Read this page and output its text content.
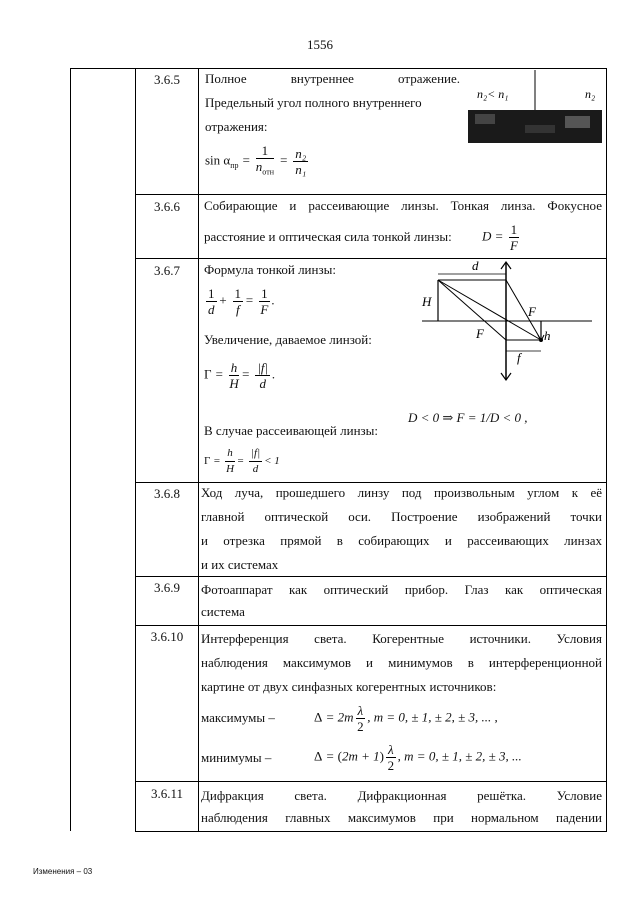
1556
3.6.5	Полное внутреннее отражение.
Предельный угол полного внутреннего
отражения:
$\sin \alpha_{пр} = \frac{1}{n_{отн}} = \frac{\text{n₂}}{\text{n₁}}$
n₂< n₁	n₂
3.6.6	Собирающие и рассеивающие линзы. Тонкая линза. Фокусное
расстояние и оптическая сила тонкой линзы:	$D = \frac{1}{F}$
3.6.7	Формула тонкой линзы:
$\frac{1}{d} + \frac{1}{f} = \frac{1}{F}$ .
Увеличение, даваемое линзой:
$\Gamma = \frac{h}{H} = \frac{|f|}{d}$ .
D < 0 ⇒ F = 1/D < 0 ,
В случае рассеивающей линзы:
$\Gamma = \frac{h}{H} = \frac{|f|}{d} < 1$
d
H
F
F
h
f
3.6.8	Ход луча, прошедшего линзу под произвольным углом к её
главной оптической оси. Построение изображений точки
и отрезка прямой в собирающих и рассеивающих линзах
и их системах
3.6.9	Фотоаппарат как оптический прибор. Глаз как оптическая
система
3.6.10	Интерференция света. Когерентные источники. Условия
наблюдения максимумов и минимумов в интерференционной
картине от двух синфазных когерентных источников:
максимумы –	$\Delta = 2m \frac{\lambda}{2}$ , m = 0, ± 1, ± 2, ± 3, ... ,
минимумы –	$\Delta = (2m + 1) \frac{\lambda}{2}$ , m = 0, ± 1, ± 2, ± 3, ...
3.6.11	Дифракция света. Дифракционная решётка. Условие
наблюдения главных максимумов при нормальном падении
Изменения – 03
